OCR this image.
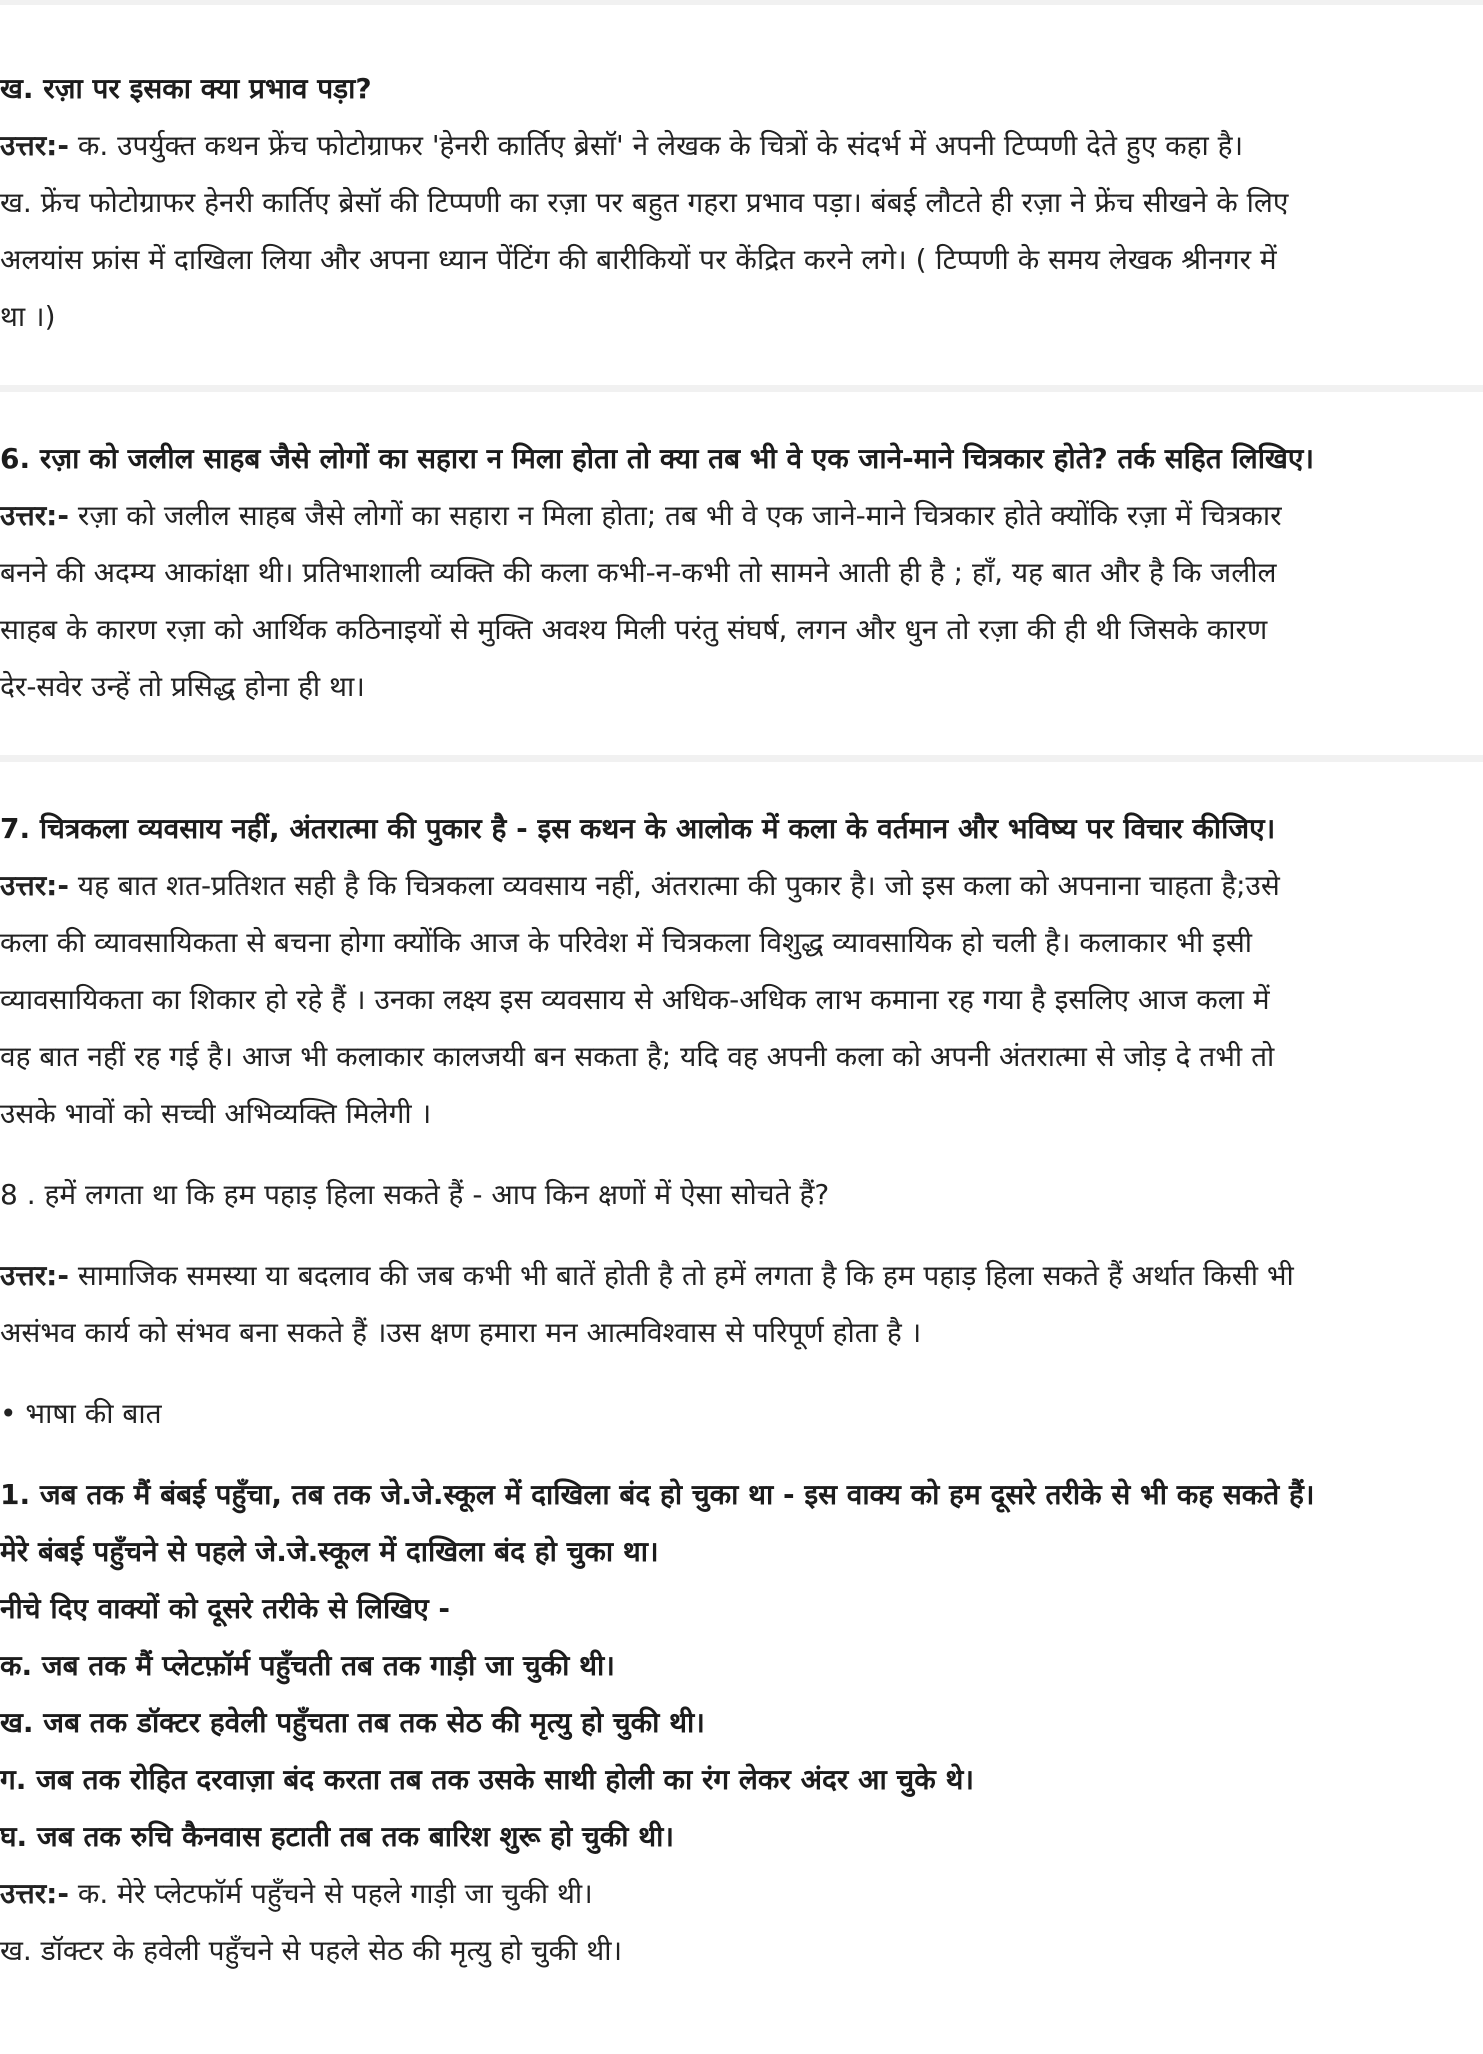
ख. रज़ा पर इसका क्या प्रभाव पड़ा?

उत्तर:- क. उपर्युक्त कथन फ्रेंच फोटोग्राफर 'हेनरी कार्तिए ब्रेसॉ' ने लेखक के चित्रों के संदर्भ में अपनी टिप्पणी देते हुए कहा है।

ख. फ्रेंच फोटोग्राफर हेनरी कार्तिए ब्रेसॉ की टिप्पणी का रज़ा पर बहुत गहरा प्रभाव पड़ा। बंबई लौटते ही रज़ा ने फ्रेंच सीखने के लिए

अलयांस फ्रांस में दाखिला लिया और अपना ध्यान पेंटिंग की बारीकियों पर केंद्रित करने लगे। ( टिप्पणी के समय लेखक श्रीनगर में

था ।)

6. रज़ा को जलील साहब जैसे लोगों का सहारा न मिला होता तो क्या तब भी वे एक जाने-माने चित्रकार होते? तर्क सहित लिखिए।

उत्तर:- रज़ा को जलील साहब जैसे लोगों का सहारा न मिला होता; तब भी वे एक जाने-माने चित्रकार होते क्योंकि रज़ा में चित्रकार

बनने की अदम्य आकांक्षा थी। प्रतिभाशाली व्यक्ति की कला कभी-न-कभी तो सामने आती ही है ; हाँ, यह बात और है कि जलील

साहब के कारण रज़ा को आर्थिक कठिनाइयों से मुक्ति अवश्य मिली परंतु संघर्ष, लगन और धुन तो रज़ा की ही थी जिसके कारण

देर-सवेर उन्हें तो प्रसिद्ध होना ही था।

7. चित्रकला व्यवसाय नहीं, अंतरात्मा की पुकार है - इस कथन के आलोक में कला के वर्तमान और भविष्य पर विचार कीजिए।

उत्तर:- यह बात शत-प्रतिशत सही है कि चित्रकला व्यवसाय नहीं, अंतरात्मा की पुकार है। जो इस कला को अपनाना चाहता है;उसे

कला की व्यावसायिकता से बचना होगा क्योंकि आज के परिवेश में चित्रकला विशुद्ध व्यावसायिक हो चली है। कलाकार भी इसी

व्यावसायिकता का शिकार हो रहे हैं । उनका लक्ष्य इस व्यवसाय से अधिक-अधिक लाभ कमाना रह गया है इसलिए आज कला में

वह बात नहीं रह गई है। आज भी कलाकार कालजयी बन सकता है; यदि वह अपनी कला को अपनी अंतरात्मा से जोड़ दे तभी तो

उसके भावों को सच्ची अभिव्यक्ति मिलेगी ।

8 . हमें लगता था कि हम पहाड़ हिला सकते हैं - आप किन क्षणों में ऐसा सोचते हैं?

उत्तर:- सामाजिक समस्या या बदलाव की जब कभी भी बातें होती है तो हमें लगता है कि हम पहाड़ हिला सकते हैं अर्थात किसी भी

असंभव कार्य को संभव बना सकते हैं ।उस क्षण हमारा मन आत्मविश्वास से परिपूर्ण होता है ।

• भाषा की बात

1. जब तक मैं बंबई पहुँचा, तब तक जे.जे.स्कूल में दाखिला बंद हो चुका था - इस वाक्य को हम दूसरे तरीके से भी कह सकते हैं।

मेरे बंबई पहुँचने से पहले जे.जे.स्कूल में दाखिला बंद हो चुका था।

नीचे दिए वाक्यों को दूसरे तरीके से लिखिए -

क. जब तक मैं प्लेटफ़ॉर्म पहुँचती तब तक गाड़ी जा चुकी थी।

ख. जब तक डॉक्टर हवेली पहुँचता तब तक सेठ की मृत्यु हो चुकी थी।

ग. जब तक रोहित दरवाज़ा बंद करता तब तक उसके साथी होली का रंग लेकर अंदर आ चुके थे।

घ. जब तक रुचि कैनवास हटाती तब तक बारिश शुरू हो चुकी थी।

उत्तर:- क. मेरे प्लेटफॉर्म पहुँचने से पहले गाड़ी जा चुकी थी।

ख. डॉक्टर के हवेली पहुँचने से पहले सेठ की मृत्यु हो चुकी थी।
